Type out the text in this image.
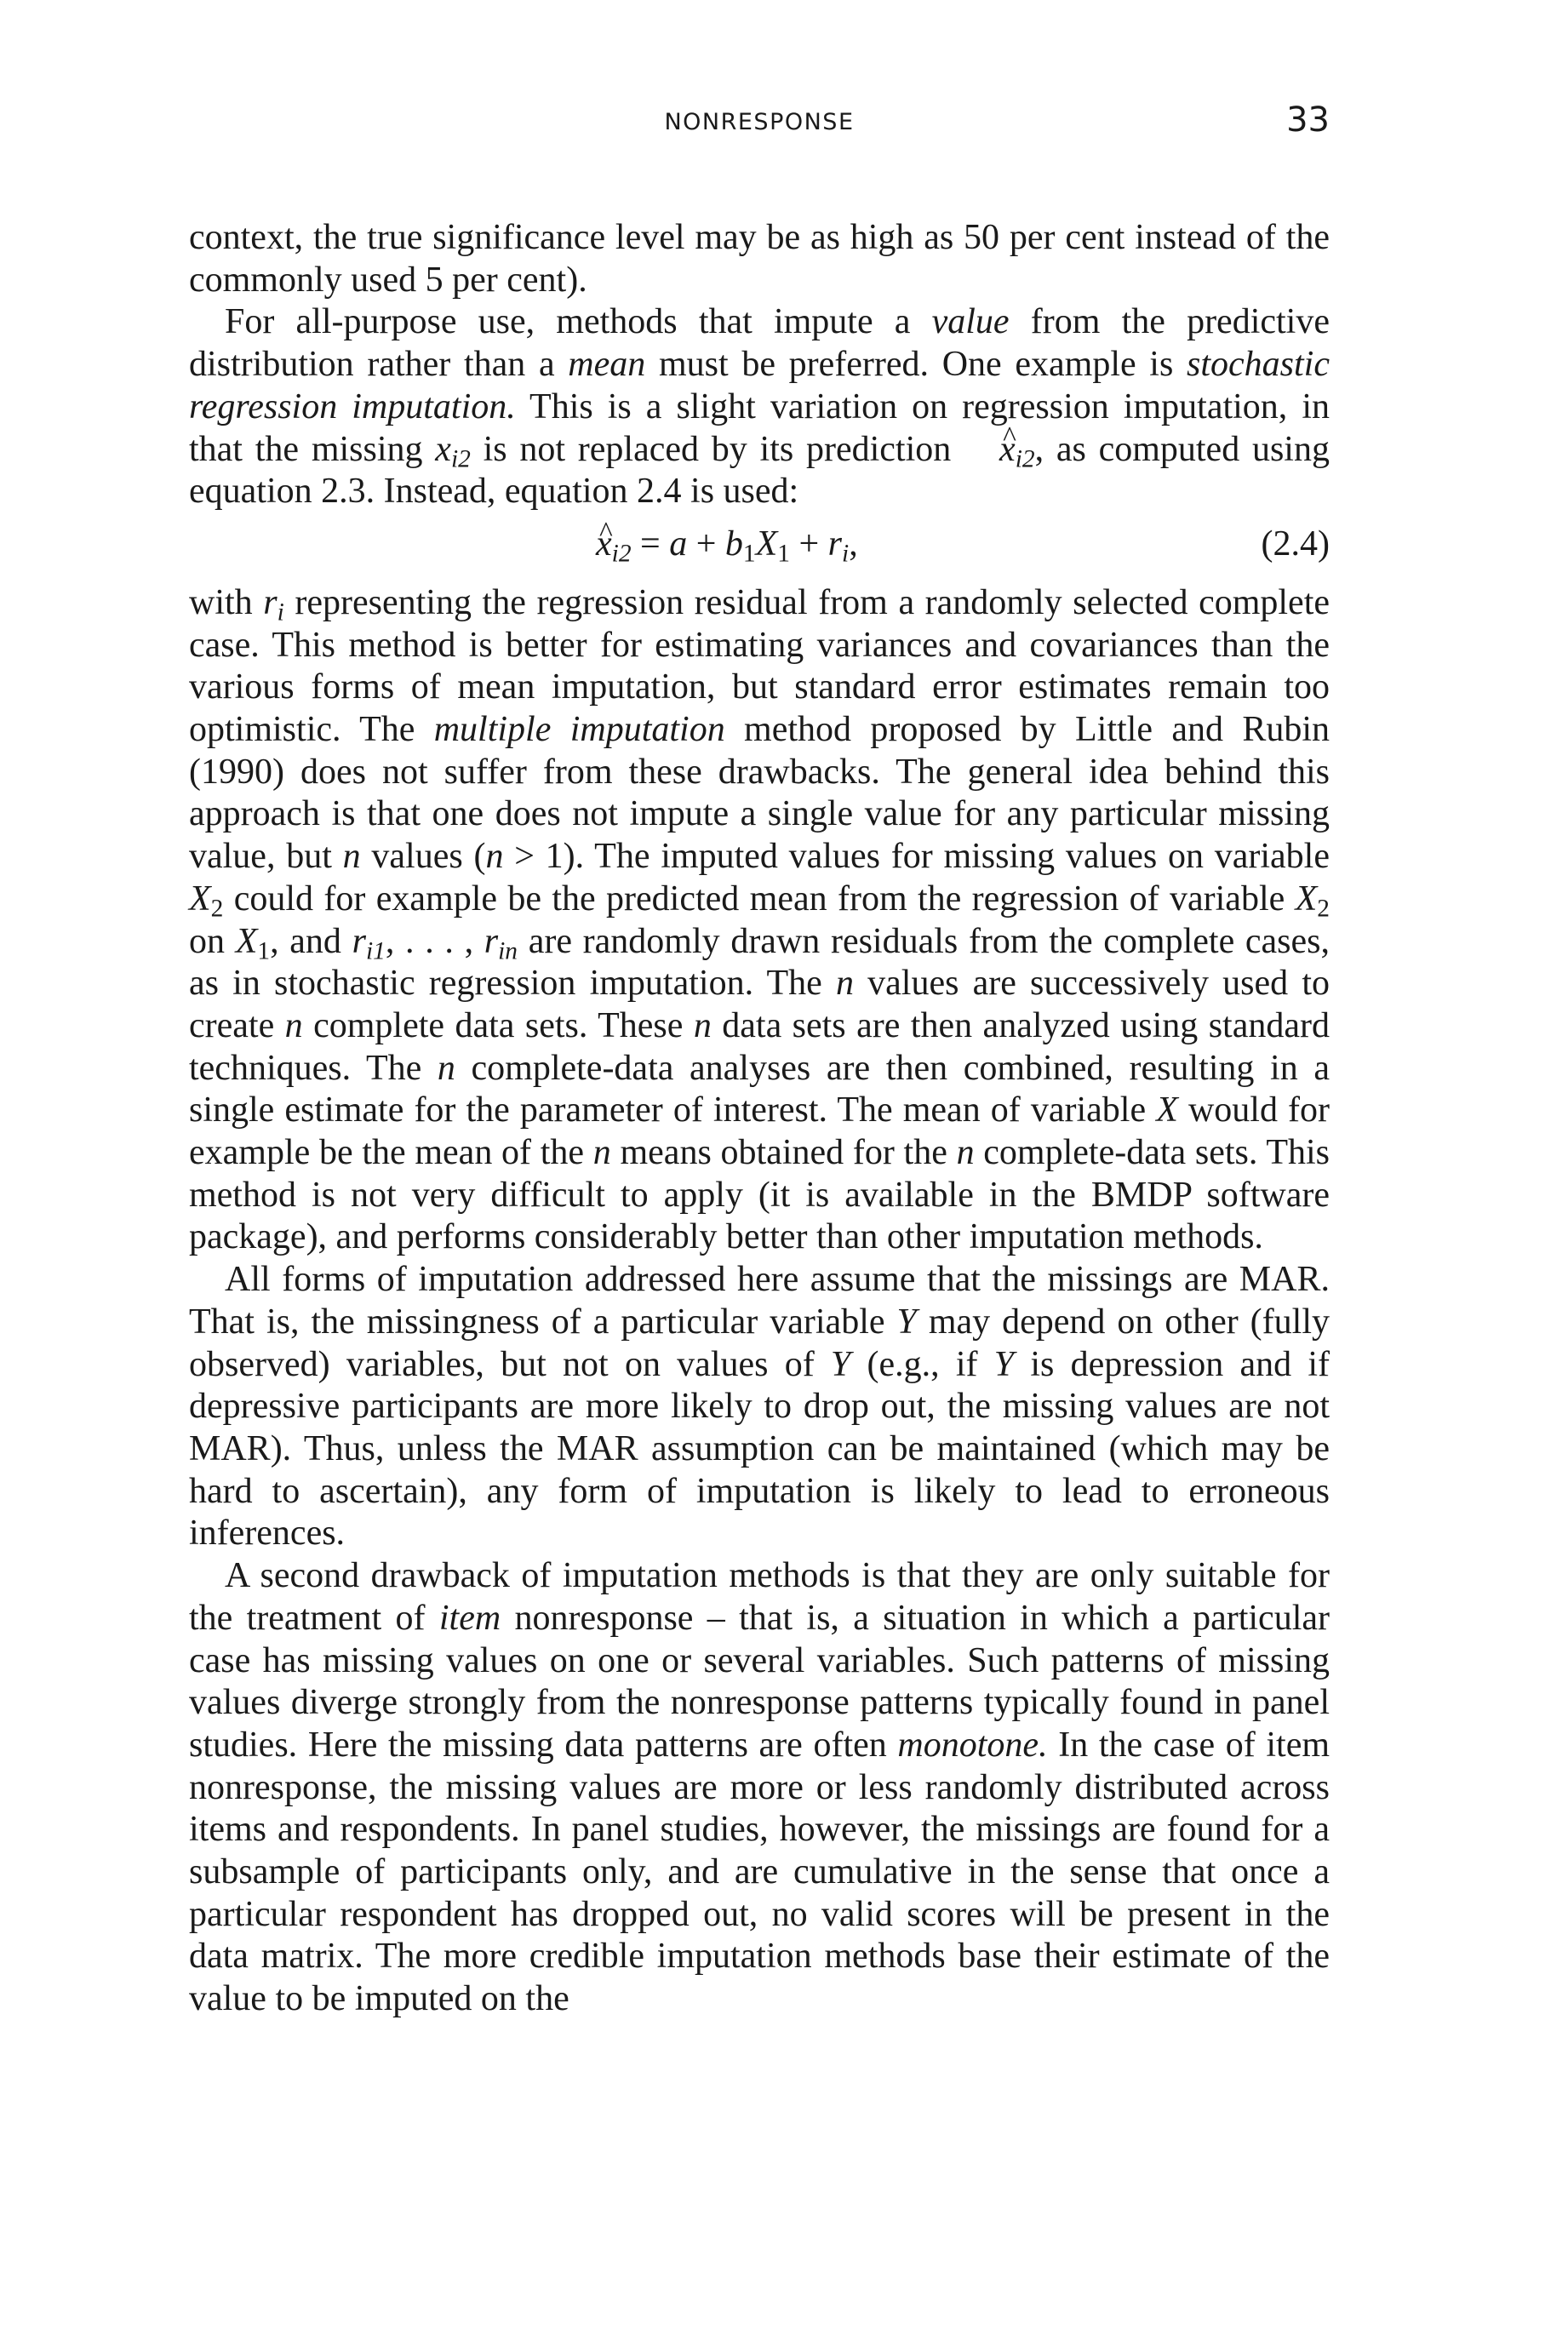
NONRESPONSE	33

context, the true significance level may be as high as 50 per cent instead of the commonly used 5 per cent).

For all-purpose use, methods that impute a value from the predictive distribution rather than a mean must be preferred. One example is stochastic regression imputation. This is a slight variation on regression imputation, in that the missing $x_{i2}$ is not replaced by its prediction ^ $x_{i2}$, as computed using equation 2.3. Instead, equation 2.4 is used:

^ $x_{i2} = a + b_1X_1 + r_i$,	(2.4)

with $r_i$ representing the regression residual from a randomly selected complete case. This method is better for estimating variances and covariances than the various forms of mean imputation, but standard error estimates remain too optimistic. The multiple imputation method proposed by Little and Rubin (1990) does not suffer from these drawbacks. The general idea behind this approach is that one does not impute a single value for any particular missing value, but n values (n > 1). The imputed values for missing values on variable $X_2$ could for example be the predicted mean from the regression of variable $X_2$ on $X_1$, and $r_{i1}$, . . . , $r_{in}$ are randomly drawn residuals from the complete cases, as in stochastic regression imputation. The n values are successively used to create n complete data sets. These n data sets are then analyzed using standard techniques. The n complete-data analyses are then combined, resulting in a single estimate for the parameter of interest. The mean of variable X would for example be the mean of the n means obtained for the n complete-data sets. This method is not very difficult to apply (it is available in the BMDP software package), and performs considerably better than other imputation methods.

All forms of imputation addressed here assume that the missings are MAR. That is, the missingness of a particular variable Y may depend on other (fully observed) variables, but not on values of Y (e.g., if Y is depression and if depressive participants are more likely to drop out, the missing values are not MAR). Thus, unless the MAR assumption can be maintained (which may be hard to ascertain), any form of imputation is likely to lead to erroneous inferences.

A second drawback of imputation methods is that they are only suitable for the treatment of item nonresponse – that is, a situation in which a particular case has missing values on one or several variables. Such patterns of missing values diverge strongly from the nonresponse patterns typically found in panel studies. Here the missing data patterns are often monotone. In the case of item nonresponse, the missing values are more or less randomly distributed across items and respondents. In panel studies, however, the missings are found for a subsample of participants only, and are cumulative in the sense that once a particular respondent has dropped out, no valid scores will be present in the data matrix. The more credible imputation methods base their estimate of the value to be imputed on the
